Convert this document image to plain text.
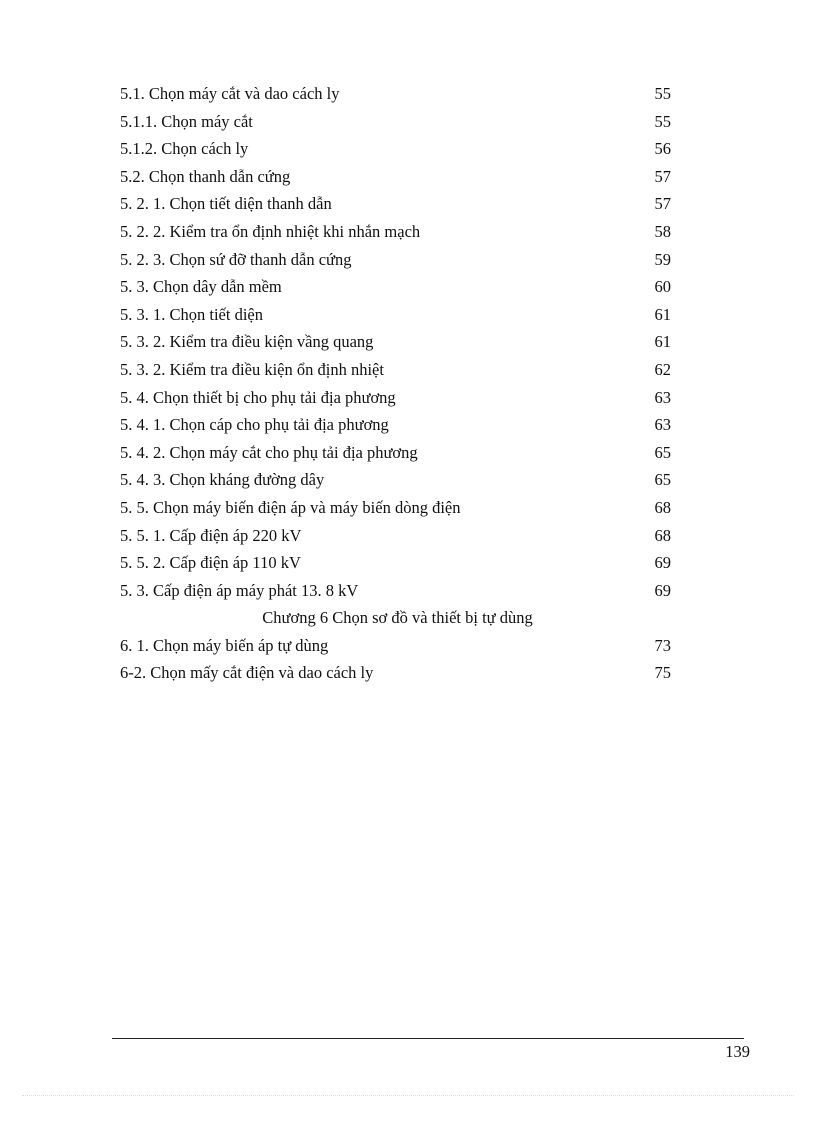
5.1. Chọn máy cắt và dao cách ly	55
5.1.1. Chọn máy cắt	55
5.1.2. Chọn cách ly	56
5.2. Chọn thanh dẫn cứng	57
5. 2. 1. Chọn tiết diện thanh dẫn	57
5. 2. 2. Kiểm tra ổn định nhiệt khi nhắn mạch	58
5. 2. 3. Chọn sứ đỡ thanh dẫn cứng	59
5. 3. Chọn dây dẫn mềm	60
5. 3. 1. Chọn tiết diện	61
5. 3. 2. Kiểm tra điều kiện vầng quang	61
5. 3. 2. Kiểm tra điều kiện ổn định nhiệt	62
5. 4. Chọn thiết bị cho phụ tải địa phương	63
5. 4. 1. Chọn cáp cho phụ tải địa phương	63
5. 4. 2. Chọn máy cắt cho phụ tải địa phương	65
5. 4. 3. Chọn kháng đường dây	65
5. 5. Chọn máy biến điện áp và máy biến dòng điện	68
5. 5. 1. Cấp điện áp 220 kV	68
5. 5. 2. Cấp điện áp 110 kV	69
5. 3. Cấp điện áp máy phát 13. 8 kV	69
Chương 6 Chọn sơ đồ và thiết bị tự dùng
6. 1. Chọn máy biến áp tự dùng	73
6-2. Chọn mấy cắt điện và dao cách ly	75
139
